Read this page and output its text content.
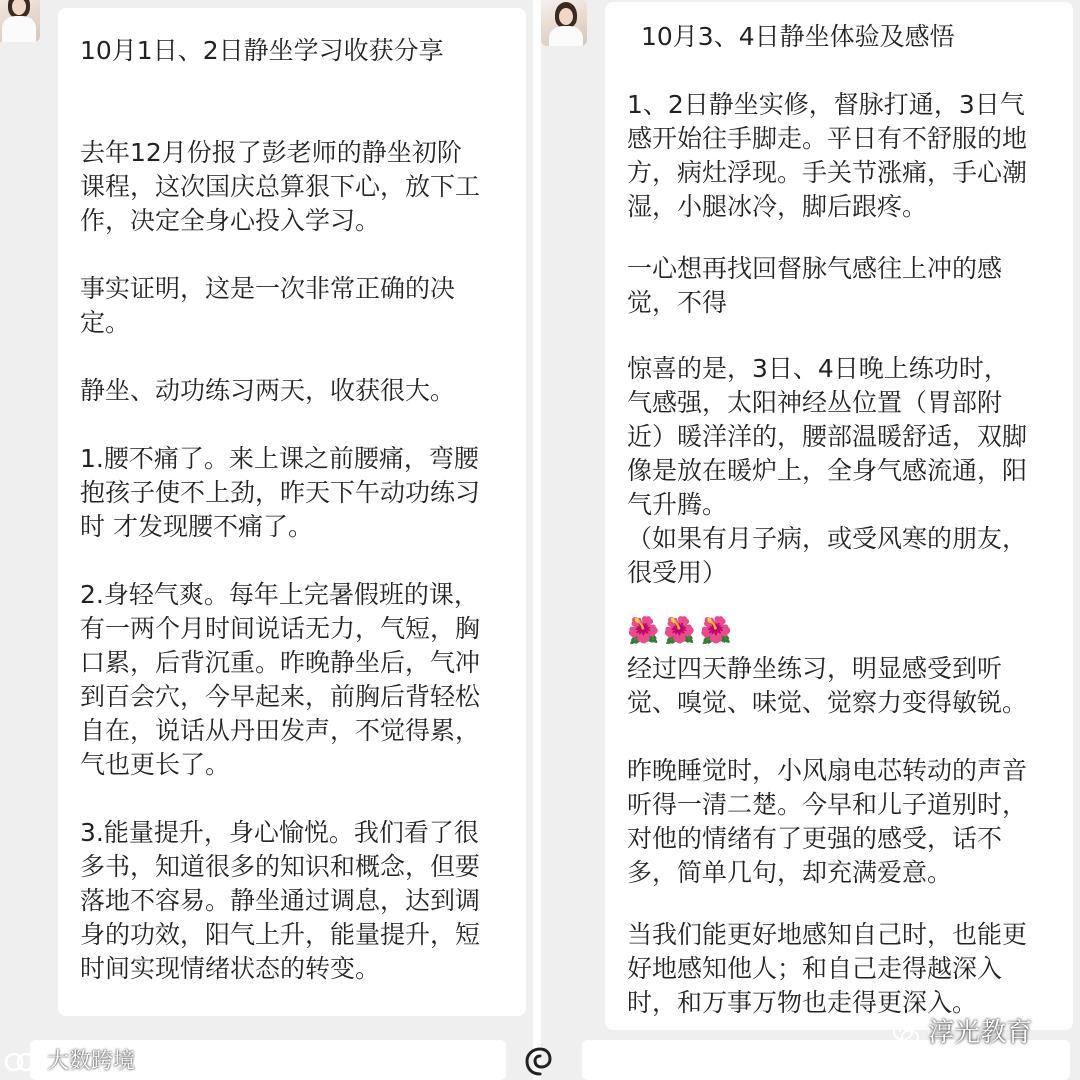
10月1日、2日静坐学习收获分享
去年12月份报了彭老师的静坐初阶
课程，这次国庆总算狠下心，放下工
作，决定全身心投入学习。
事实证明，这是一次非常正确的决
定。
静坐、动功练习两天，收获很大。
1.腰不痛了。来上课之前腰痛，弯腰
抱孩子使不上劲，昨天下午动功练习
时 才发现腰不痛了。
2.身轻气爽。每年上完暑假班的课，
有一两个月时间说话无力，气短，胸
口累，后背沉重。昨晚静坐后，气冲
到百会穴，今早起来，前胸后背轻松
自在，说话从丹田发声，不觉得累，
气也更长了。
3.能量提升，身心愉悦。我们看了很
多书，知道很多的知识和概念，但要
落地不容易。静坐通过调息，达到调
身的功效，阳气上升，能量提升，短
时间实现情绪状态的转变。
10月3、4日静坐体验及感悟
1、2日静坐实修，督脉打通，3日气
感开始往手脚走。平日有不舒服的地
方，病灶浮现。手关节涨痛，手心潮
湿，小腿冰冷，脚后跟疼。
一心想再找回督脉气感往上冲的感
觉，不得
惊喜的是，3日、4日晚上练功时，
气感强，太阳神经丛位置（胃部附
近）暖洋洋的，腰部温暖舒适，双脚
像是放在暖炉上，全身气感流通，阳
气升腾。
（如果有月子病，或受风寒的朋友，
很受用）
🌺🌺🌺
经过四天静坐练习，明显感受到听
觉、嗅觉、味觉、觉察力变得敏锐。
昨晚睡觉时，小风扇电芯转动的声音
听得一清二楚。今早和儿子道别时，
对他的情绪有了更强的感受，话不
多，简单几句，却充满爱意。
当我们能更好地感知自己时，也能更
好地感知他人；和自己走得越深入
时，和万事万物也走得更深入。
大数跨境
淳光教育
